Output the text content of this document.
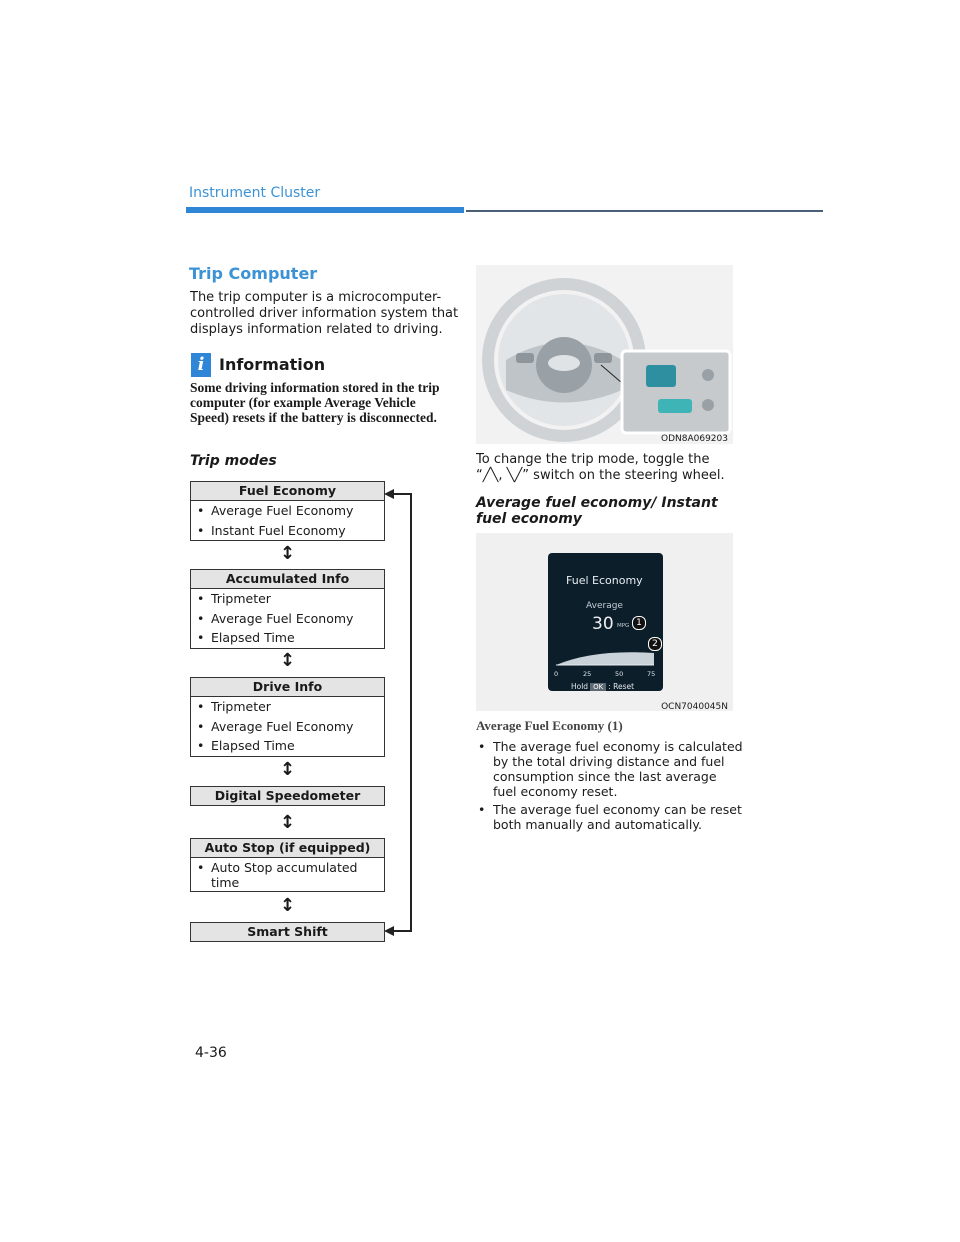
Instrument Cluster
Trip Computer
The trip computer is a microcomputer-controlled driver information system that displays information related to driving.
i Information
Some driving information stored in the trip computer (for example Average Vehicle Speed) resets if the battery is disconnected.
Trip modes
Fuel Economy
• Average Fuel Economy
• Instant Fuel Economy
↕
Accumulated Info
• Tripmeter
• Average Fuel Economy
• Elapsed Time
↕
Drive Info
• Tripmeter
• Average Fuel Economy
• Elapsed Time
↕
Digital Speedometer
↕
Auto Stop (if equipped)
• Auto Stop accumulated time
↕
Smart Shift
ODN8A069203
To change the trip mode, toggle the “╱╲, ╲╱” switch on the steering wheel.
Average fuel economy/ Instant fuel economy
Fuel Economy
Average
30 MPG 1
2
0	25	50	75
Hold OK : Reset
OCN7040045N
Average Fuel Economy (1)
• The average fuel economy is calculated by the total driving distance and fuel consumption since the last average fuel economy reset.
• The average fuel economy can be reset both manually and automatically.
4-36
